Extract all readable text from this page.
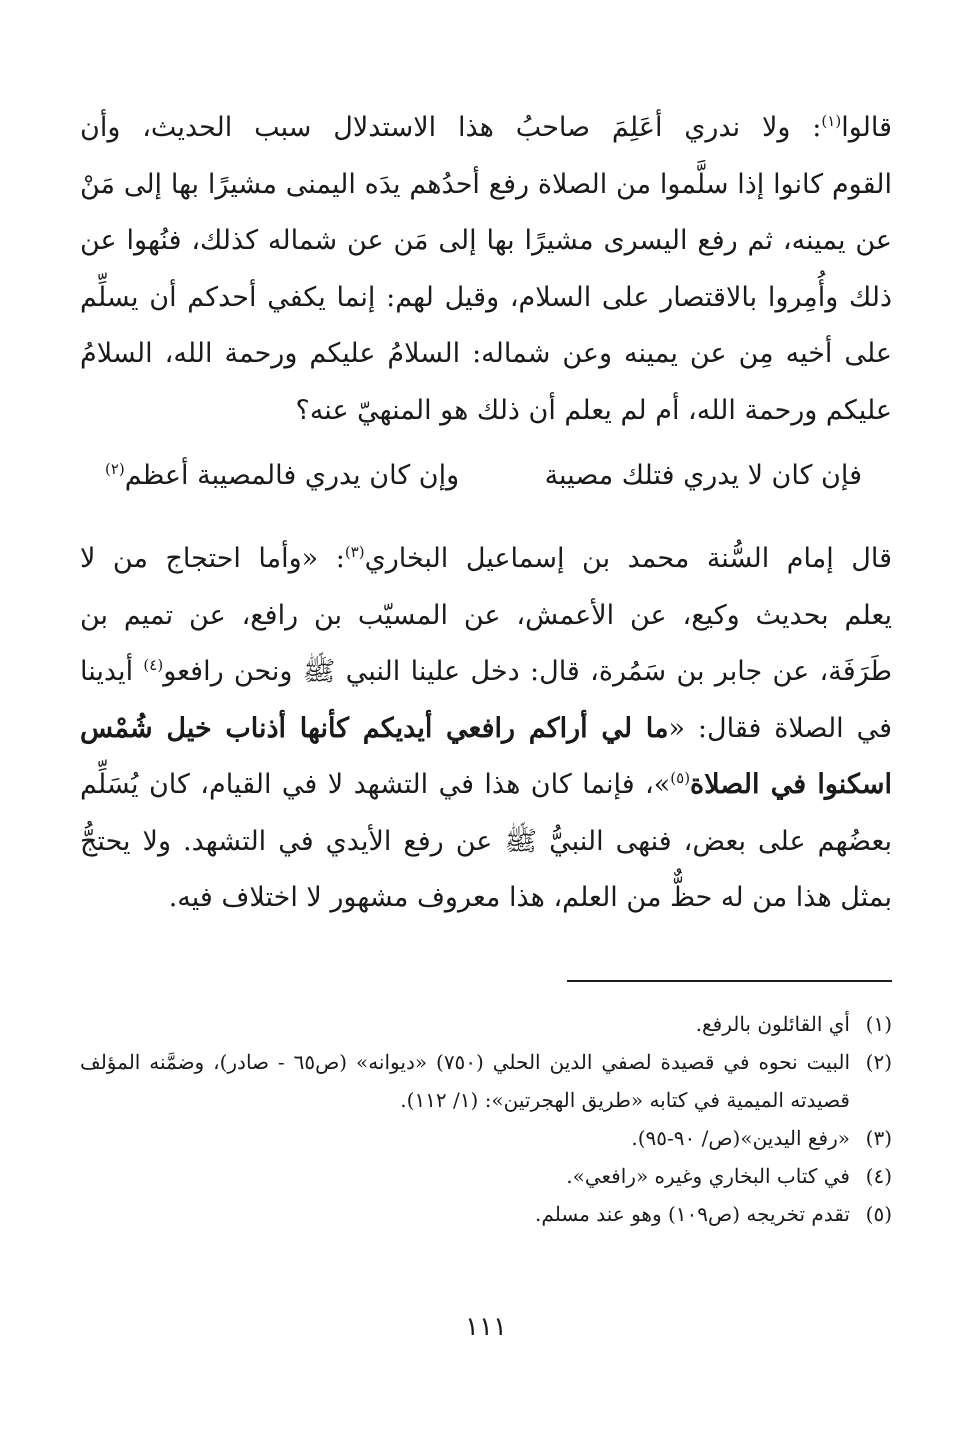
قالوا$^{(١)}$: ولا ندري أعَلِمَ صاحبُ هذا الاستدلال سبب الحديث، وأن
القوم كانوا إذا سلَّموا من الصلاة رفع أحدُهم يدَه اليمنى مشيرًا بها إلى مَنْ
عن يمينه، ثم رفع اليسرى مشيرًا بها إلى مَن عن شماله كذلك، فنُهوا عن
ذلك وأُمِروا بالاقتصار على السلام، وقيل لهم: إنما يكفي أحدكم أن يسلِّم
على أخيه مِن عن يمينه وعن شماله: السلامُ عليكم ورحمة الله، السلامُ
عليكم ورحمة الله، أم لم يعلم أن ذلك هو المنهيّ عنه؟

فإن كان لا يدري فتلك مصيبة
وإن كان يدري فالمصيبة أعظم$^{(٢)}$

قال إمام السُّنة محمد بن إسماعيل البخاري$^{(٣)}$: «وأما احتجاج من لا
يعلم بحديث وكيع، عن الأعمش، عن المسيّب بن رافع، عن تميم بن
طَرَفَة، عن جابر بن سَمُرة، قال: دخل علينا النبي ﷺ ونحن رافعو$^{(٤)}$ أيدينا
في الصلاة فقال: «ما لي أراكم رافعي أيديكم كأنها أذناب خيل شُمْس
اسكنوا في الصلاة$^{(٥)}$»، فإنما كان هذا في التشهد لا في القيام، كان يُسَلِّم
بعضُهم على بعض، فنهى النبيُّ ﷺ عن رفع الأيدي في التشهد. ولا يحتجُّ
بمثل هذا من له حظٌّ من العلم، هذا معروف مشهور لا اختلاف فيه.

(١)
أي القائلون بالرفع.
(٢)
البيت نحوه في قصيدة لصفي الدين الحلي (٧٥٠) «ديوانه» (ص٦٥ - صادر)، وضمَّنه المؤلف قصيدته الميمية في كتابه «طريق الهجرتين»: (١/ ١١٢).
(٣)
«رفع اليدين»(ص/ ٩٠-٩٥).
(٤)
في كتاب البخاري وغيره «رافعي».
(٥)
تقدم تخريجه (ص١٠٩) وهو عند مسلم.
١١١
